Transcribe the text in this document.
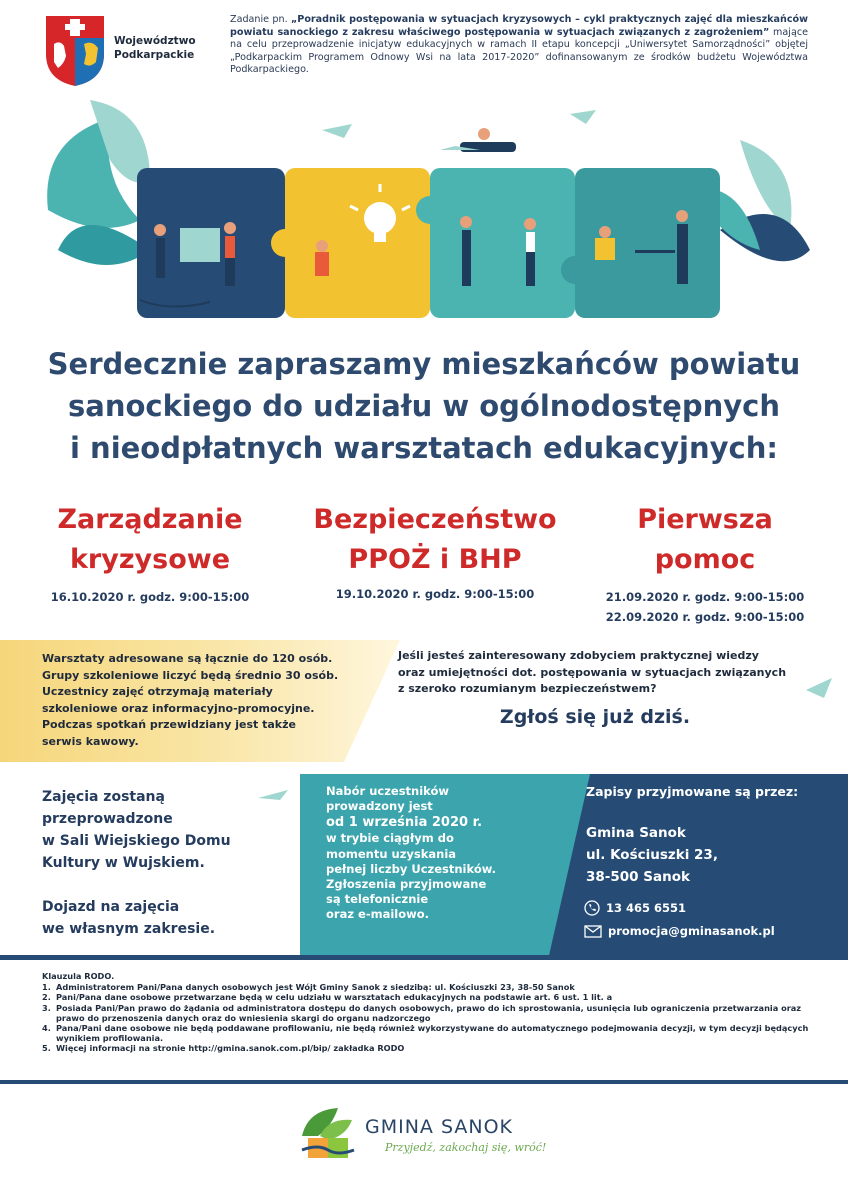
Województwo
Podkarpackie
Zadanie pn. „Poradnik postępowania w sytuacjach kryzysowych – cykl praktycznych zajęć dla mieszkańców powiatu sanockiego z zakresu właściwego postępowania w sytuacjach związanych z zagrożeniem” mające na celu przeprowadzenie inicjatyw edukacyjnych w ramach II etapu koncepcji „Uniwersytet Samorządności” objętej „Podkarpackim Programem Odnowy Wsi na lata 2017-2020” dofinansowanym ze środków budżetu Województwa Podkarpackiego.
Serdecznie zapraszamy mieszkańców powiatu
sanockiego do udziału w ogólnodostępnych
i nieodpłatnych warsztatach edukacyjnych:
Zarządzanie
kryzysowe
16.10.2020 r. godz. 9:00-15:00
Bezpieczeństwo
PPOŻ i BHP
19.10.2020 r. godz. 9:00-15:00
Pierwsza
pomoc
21.09.2020 r. godz. 9:00-15:00
22.09.2020 r. godz. 9:00-15:00
Warsztaty adresowane są łącznie do 120 osób.
Grupy szkoleniowe liczyć będą średnio 30 osób.
Uczestnicy zajęć otrzymają materiały
szkoleniowe oraz informacyjno-promocyjne.
Podczas spotkań przewidziany jest także
serwis kawowy.
Jeśli jesteś zainteresowany zdobyciem praktycznej wiedzy
oraz umiejętności dot. postępowania w sytuacjach związanych
z szeroko rozumianym bezpieczeństwem?
Zgłoś się już dziś.
Zajęcia zostaną
przeprowadzone
w Sali Wiejskiego Domu
Kultury w Wujskiem.
Dojazd na zajęcia
we własnym zakresie.
Nabór uczestników
prowadzony jest
od 1 września 2020 r.
w trybie ciągłym do
momentu uzyskania
pełnej liczby Uczestników.
Zgłoszenia przyjmowane
są telefonicznie
oraz e-mailowo.
Zapisy przyjmowane są przez:
Gmina Sanok
ul. Kościuszki 23,
38-500 Sanok
13 465 6551
promocja@gminasanok.pl
Klauzula RODO.
1. Administratorem Pani/Pana danych osobowych jest Wójt Gminy Sanok z siedzibą: ul. Kościuszki 23, 38-50 Sanok
2. Pani/Pana dane osobowe przetwarzane będą w celu udziału w warsztatach edukacyjnych na podstawie art. 6 ust. 1 lit. a
3. Posiada Pani/Pan prawo do żądania od administratora dostępu do danych osobowych, prawo do ich sprostowania, usunięcia lub ograniczenia przetwarzania oraz prawo do przenoszenia danych oraz do wniesienia skargi do organu nadzorczego
4. Pana/Pani dane osobowe nie będą poddawane profilowaniu, nie będą również wykorzystywane do automatycznego podejmowania decyzji, w tym decyzji będących wynikiem profilowania.
5. Więcej informacji na stronie http://gmina.sanok.com.pl/bip/ zakładka RODO
GMINA SANOK
Przyjedź, zakochaj się, wróć!
